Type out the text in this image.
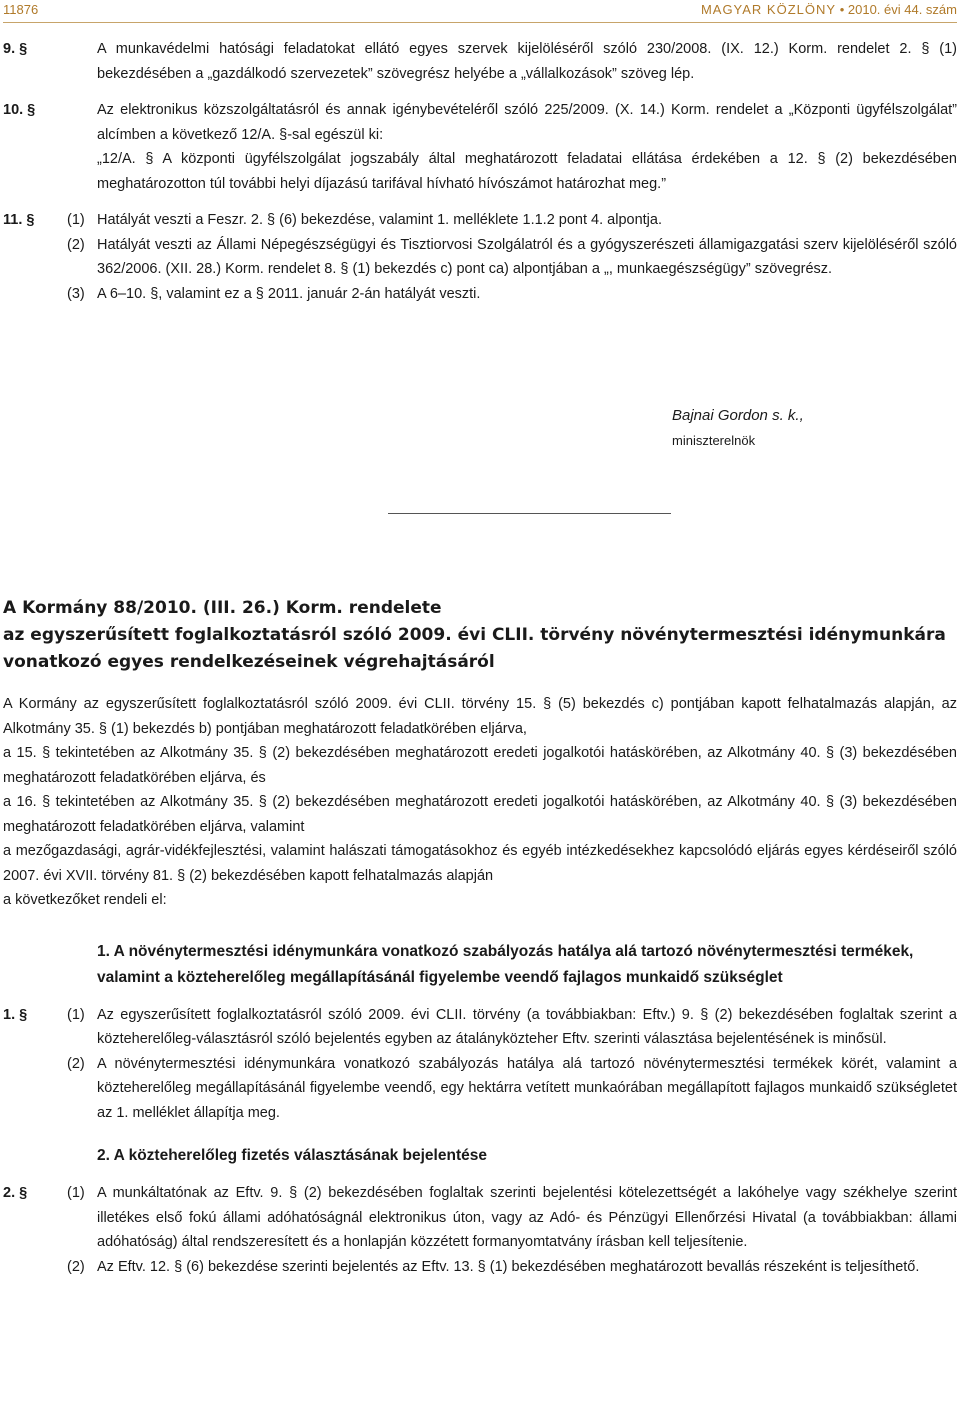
11876	MAGYAR KÖZLÖNY • 2010. évi 44. szám
9. §	A munkavédelmi hatósági feladatokat ellátó egyes szervek kijelöléséről szóló 230/2008. (IX. 12.) Korm. rendelet 2. § (1) bekezdésében a „gazdálkodó szervezetek” szövegrész helyébe a „vállalkozások” szöveg lép.
10. §	Az elektronikus közszolgáltatásról és annak igénybevételéről szóló 225/2009. (X. 14.) Korm. rendelet a „Központi ügyfélszolgálat” alcímben a következő 12/A. §-sal egészül ki:
„12/A. § A központi ügyfélszolgálat jogszabály által meghatározott feladatai ellátása érdekében a 12. § (2) bekezdésében meghatározotton túl további helyi díjazású tarifával hívható hívószámot határozhat meg.”
11. §	(1) Hatályát veszti a Feszr. 2. § (6) bekezdése, valamint 1. melléklete 1.1.2 pont 4. alpontja.
(2) Hatályát veszti az Állami Népegészségügyi és Tisztiorvosi Szolgálatról és a gyógyszerészeti államigazgatási szerv kijelöléséről szóló 362/2006. (XII. 28.) Korm. rendelet 8. § (1) bekezdés c) pont ca) alpontjában a „, munkaegészségügy” szövegrész.
(3) A 6–10. §, valamint ez a § 2011. január 2-án hatályát veszti.
Bajnai Gordon s. k.,
miniszterelnök
A Kormány 88/2010. (III. 26.) Korm. rendelete
az egyszerűsített foglalkoztatásról szóló 2009. évi CLII. törvény növénytermesztési idénymunkára vonatkozó egyes rendelkezéseinek végrehajtásáról
A Kormány az egyszerűsített foglalkoztatásról szóló 2009. évi CLII. törvény 15. § (5) bekezdés c) pontjában kapott felhatalmazás alapján, az Alkotmány 35. § (1) bekezdés b) pontjában meghatározott feladatkörében eljárva,
a 15. § tekintetében az Alkotmány 35. § (2) bekezdésében meghatározott eredeti jogalkotói hatáskörében, az Alkotmány 40. § (3) bekezdésében meghatározott feladatkörében eljárva, és
a 16. § tekintetében az Alkotmány 35. § (2) bekezdésében meghatározott eredeti jogalkotói hatáskörében, az Alkotmány 40. § (3) bekezdésében meghatározott feladatkörében eljárva, valamint
a mezőgazdasági, agrár-vidékfejlesztési, valamint halászati támogatásokhoz és egyéb intézkedésekhez kapcsolódó eljárás egyes kérdéseiről szóló 2007. évi XVII. törvény 81. § (2) bekezdésében kapott felhatalmazás alapján
a következőket rendeli el:
1. A növénytermesztési idénymunkára vonatkozó szabályozás hatálya alá tartozó növénytermesztési termékek, valamint a közteherelőleg megállapításánál figyelembe veendő fajlagos munkaidő szükséglet
1. §	(1) Az egyszerűsített foglalkoztatásról szóló 2009. évi CLII. törvény (a továbbiakban: Eftv.) 9. § (2) bekezdésében foglaltak szerint a közteherelőleg-választásról szóló bejelentés egyben az átalányközteher Eftv. szerinti választása bejelentésének is minősül.
(2) A növénytermesztési idénymunkára vonatkozó szabályozás hatálya alá tartozó növénytermesztési termékek körét, valamint a közteherelőleg megállapításánál figyelembe veendő, egy hektárra vetített munkaórában megállapított fajlagos munkaidő szükségletet az 1. melléklet állapítja meg.
2. A közteherelőleg fizetés választásának bejelentése
2. §	(1) A munkáltatónak az Eftv. 9. § (2) bekezdésében foglaltak szerinti bejelentési kötelezettségét a lakóhelye vagy székhelye szerint illetékes első fokú állami adóhatóságnál elektronikus úton, vagy az Adó- és Pénzügyi Ellenőrzési Hivatal (a továbbiakban: állami adóhatóság) által rendszeresített és a honlapján közzétett formanyomtatvány írásban kell teljesítenie.
(2) Az Eftv. 12. § (6) bekezdése szerinti bejelentés az Eftv. 13. § (1) bekezdésében meghatározott bevallás részeként is teljesíthető.
